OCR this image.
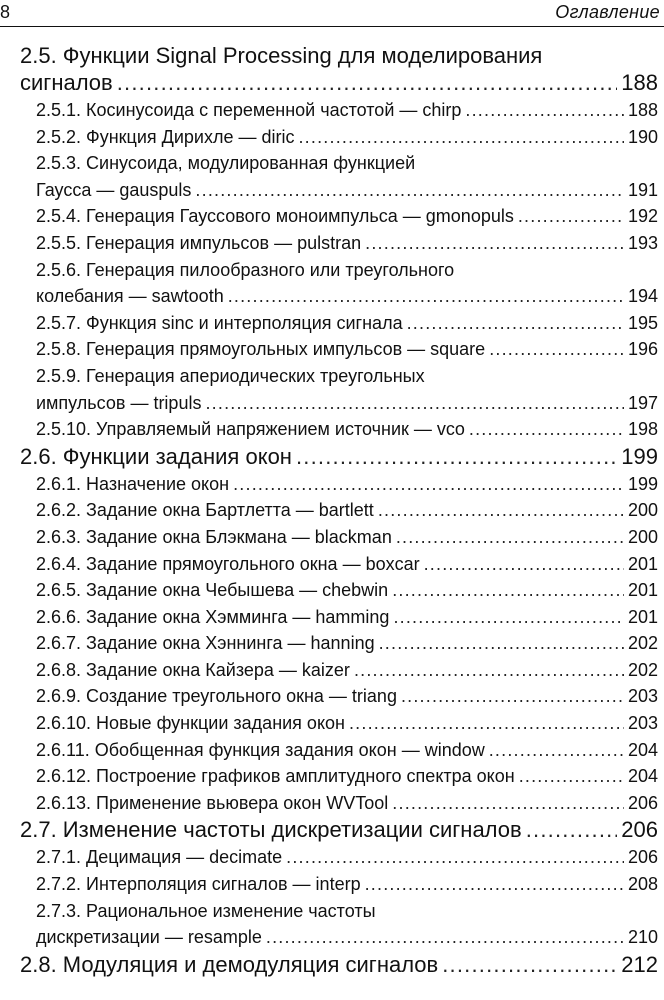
8	Оглавление
2.5. Функции Signal Processing для моделирования
сигналов .....	188
2.5.1. Косинусоида с переменной частотой — chirp .....	188
2.5.2. Функция Дирихле — diric .....	190
2.5.3. Синусоида, модулированная функцией
Гаусса — gauspuls .....	191
2.5.4. Генерация Гауссового моноимпульса — gmonopuls .....	192
2.5.5. Генерация импульсов — pulstran .....	193
2.5.6. Генерация пилообразного или треугольного
колебания — sawtooth .....	194
2.5.7. Функция sinc и интерполяция сигнала .....	195
2.5.8. Генерация прямоугольных импульсов — square .....	196
2.5.9. Генерация апериодических треугольных
импульсов — tripuls .....	197
2.5.10. Управляемый напряжением источник — vco .....	198
2.6. Функции задания окон .....	199
2.6.1. Назначение окон .....	199
2.6.2. Задание окна Бартлетта — bartlett .....	200
2.6.3. Задание окна Блэкмана — blackman .....	200
2.6.4. Задание прямоугольного окна — boxcar .....	201
2.6.5. Задание окна Чебышева — chebwin .....	201
2.6.6. Задание окна Хэмминга — hamming .....	201
2.6.7. Задание окна Хэннинга — hanning .....	202
2.6.8. Задание окна Кайзера — kaizer .....	202
2.6.9. Создание треугольного окна — triang .....	203
2.6.10. Новые функции задания окон .....	203
2.6.11. Обобщенная функция задания окон — window .....	204
2.6.12. Построение графиков амплитудного спектра окон .....	204
2.6.13. Применение вьювера окон WVTool .....	206
2.7. Изменение частоты дискретизации сигналов .....	206
2.7.1. Децимация — decimate .....	206
2.7.2. Интерполяция сигналов — interp .....	208
2.7.3. Рациональное изменение частоты
дискретизации — resample .....	210
2.8. Модуляция и демодуляция сигналов .....	212
